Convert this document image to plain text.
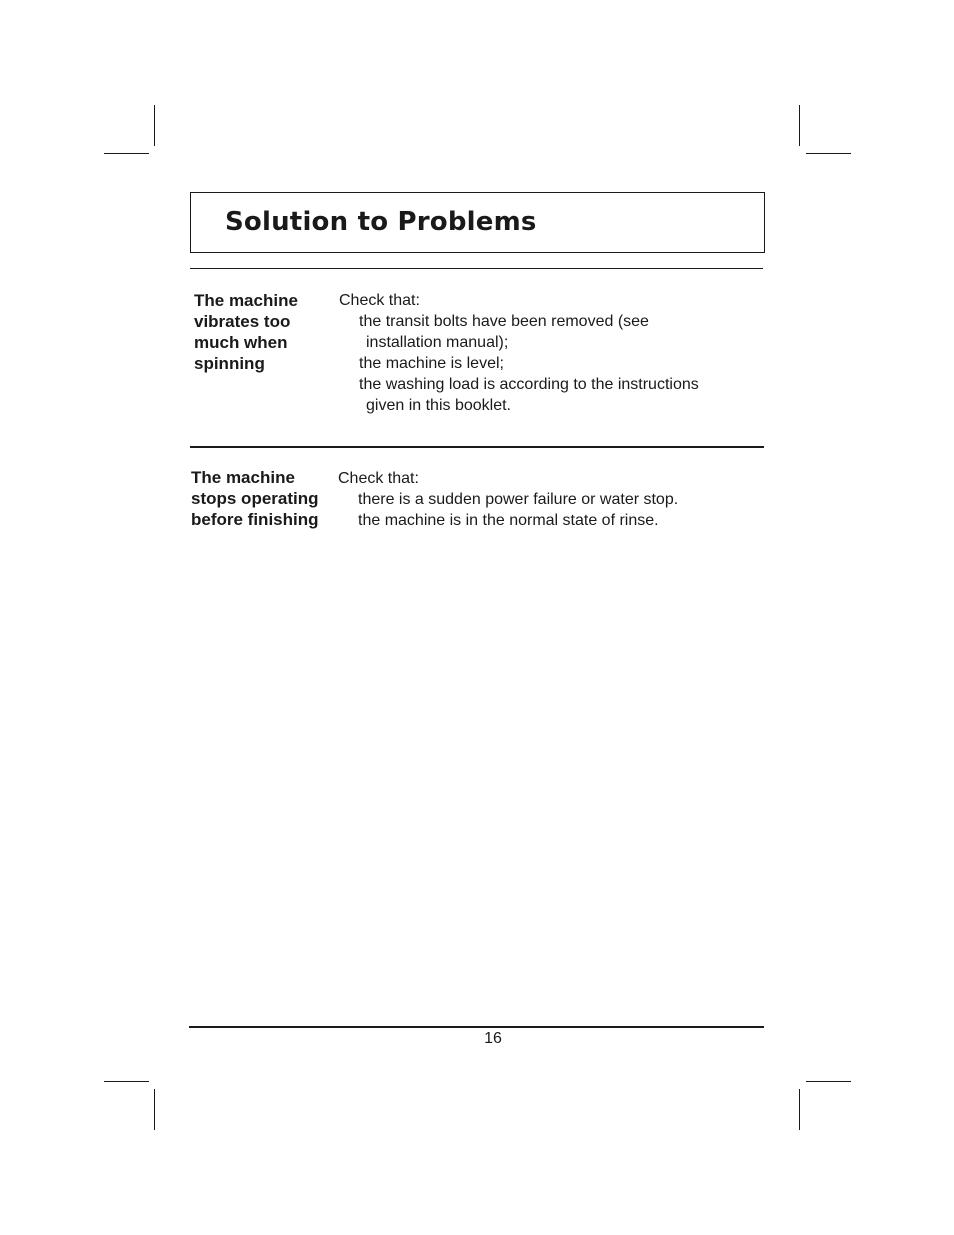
Solution to Problems
The machine
vibrates too
much when
spinning
Check that:
the transit bolts have been removed (see
installation manual);
the machine is level;
the washing load is according to the instructions
given in this booklet.
The machine
stops operating
before finishing
Check that:
there is a sudden power failure or water stop.
the machine is in the normal state of rinse.
16
